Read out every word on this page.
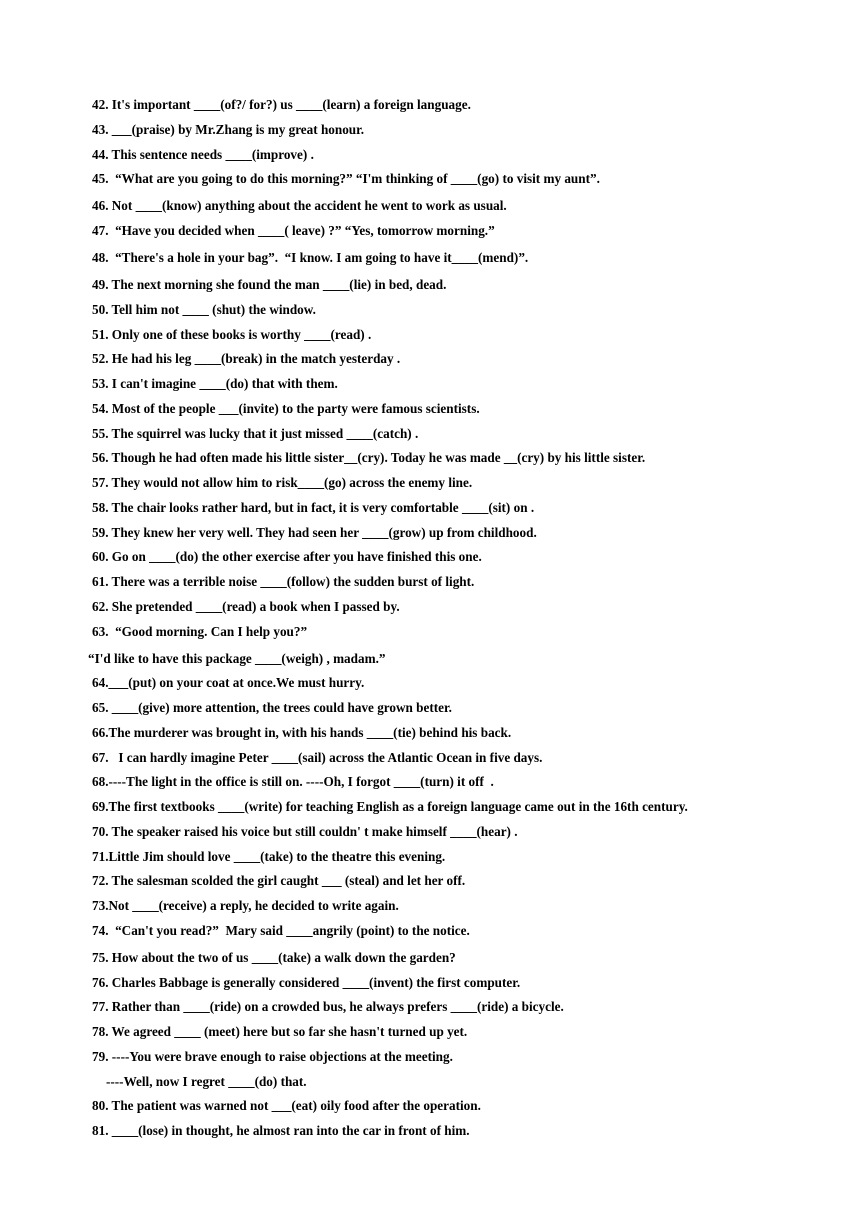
42. It's important ____(of?/ for?) us ____(learn) a foreign language.
43. ___(praise) by Mr.Zhang is my great honour.
44. This sentence needs ____(improve) .
45.  “What are you going to do this morning?” “I'm thinking of ____(go) to visit my aunt”.
46. Not ____(know) anything about the accident he went to work as usual.
47.  “Have you decided when ____( leave) ?” “Yes, tomorrow morning.”
48.  “There's a hole in your bag”.  “I know. I am going to have it____(mend)”.
49. The next morning she found the man ____(lie) in bed, dead.
50. Tell him not ____ (shut) the window.
51. Only one of these books is worthy ____(read) .
52. He had his leg ____(break) in the match yesterday .
53. I can't imagine ____(do) that with them.
54. Most of the people ___(invite) to the party were famous scientists.
55. The squirrel was lucky that it just missed ____(catch) .
56. Though he had often made his little sister__(cry). Today he was made __(cry) by his little sister.
57. They would not allow him to risk____(go) across the enemy line.
58. The chair looks rather hard, but in fact, it is very comfortable ____(sit) on .
59. They knew her very well. They had seen her ____(grow) up from childhood.
60. Go on ____(do) the other exercise after you have finished this one.
61. There was a terrible noise ____(follow) the sudden burst of light.
62. She pretended ____(read) a book when I passed by.
63.  “Good morning. Can I help you?”
“I'd like to have this package ____(weigh) , madam.”
64.___(put) on your coat at once.We must hurry.
65. ____(give) more attention, the trees could have grown better.
66.The murderer was brought in, with his hands ____(tie) behind his back.
67.   I can hardly imagine Peter ____(sail) across the Atlantic Ocean in five days.
68.----The light in the office is still on. ----Oh, I forgot ____(turn) it off  .
69.The first textbooks ____(write) for teaching English as a foreign language came out in the 16th century.
70. The speaker raised his voice but still couldn' t make himself ____(hear) .
71.Little Jim should love ____(take) to the theatre this evening.
72. The salesman scolded the girl caught ___ (steal) and let her off.
73.Not ____(receive) a reply, he decided to write again.
74.  “Can't you read?”  Mary said ____angrily (point) to the notice.
75. How about the two of us ____(take) a walk down the garden?
76. Charles Babbage is generally considered ____(invent) the first computer.
77. Rather than ____(ride) on a crowded bus, he always prefers ____(ride) a bicycle.
78. We agreed ____ (meet) here but so far she hasn't turned up yet.
79. ----You were brave enough to raise objections at the meeting.
----Well, now I regret ____(do) that.
80. The patient was warned not ___(eat) oily food after the operation.
81. ____(lose) in thought, he almost ran into the car in front of him.
